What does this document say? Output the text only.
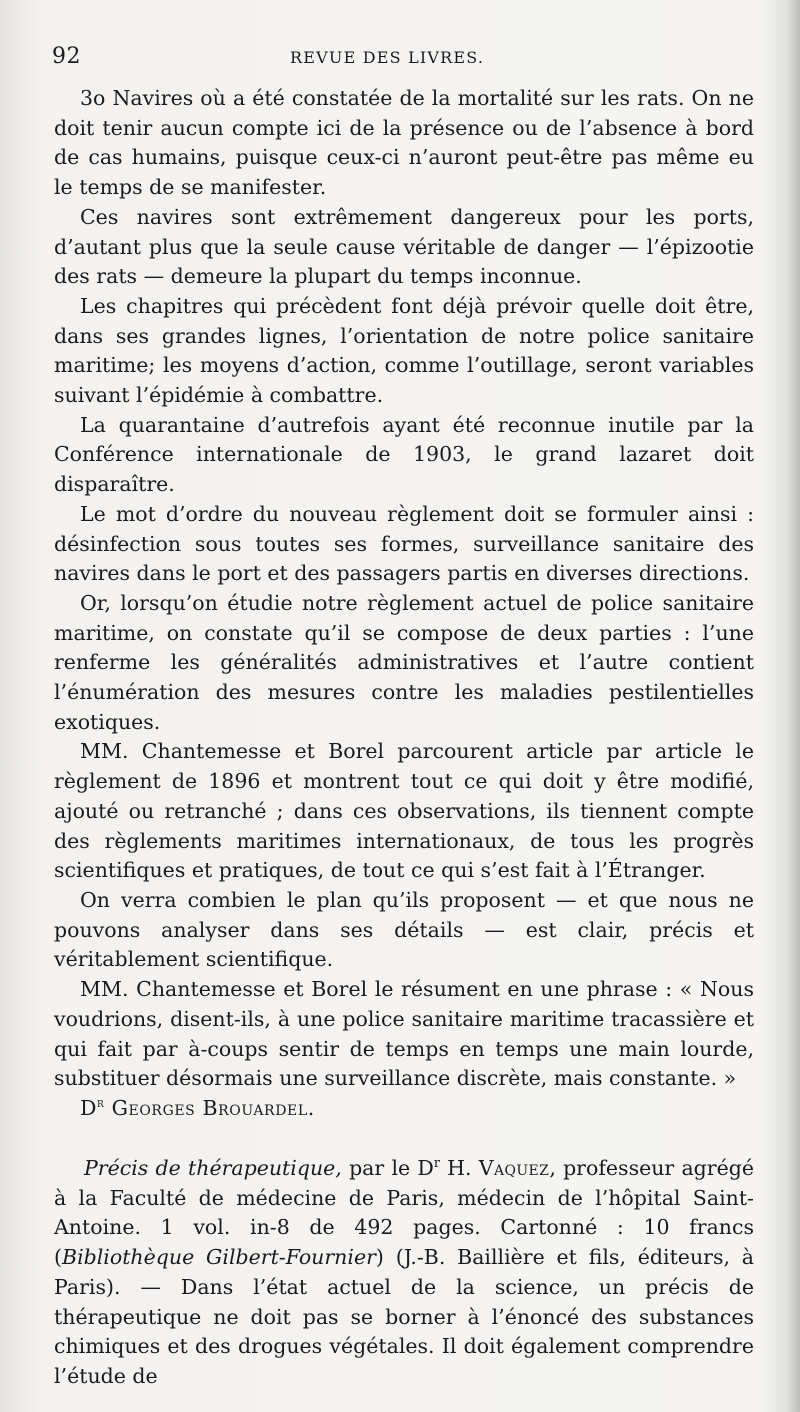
92	REVUE DES LIVRES.

3o Navires où a été constatée de la mortalité sur les rats. On ne doit tenir aucun compte ici de la présence ou de l’absence à bord de cas humains, puisque ceux-ci n’auront peut-être pas même eu le temps de se manifester.

Ces navires sont extrêmement dangereux pour les ports, d’autant plus que la seule cause véritable de danger — l’épizootie des rats — demeure la plupart du temps inconnue.

Les chapitres qui précèdent font déjà prévoir quelle doit être, dans ses grandes lignes, l’orientation de notre police sanitaire maritime; les moyens d’action, comme l’outillage, seront variables suivant l’épidémie à combattre.

La quarantaine d’autrefois ayant été reconnue inutile par la Conférence internationale de 1903, le grand lazaret doit disparaître.

Le mot d’ordre du nouveau règlement doit se formuler ainsi : désinfection sous toutes ses formes, surveillance sanitaire des navires dans le port et des passagers partis en diverses directions.

Or, lorsqu’on étudie notre règlement actuel de police sanitaire maritime, on constate qu’il se compose de deux parties : l’une renferme les généralités administratives et l’autre contient l’énumération des mesures contre les maladies pestilentielles exotiques.

MM. Chantemesse et Borel parcourent article par article le règlement de 1896 et montrent tout ce qui doit y être modifié, ajouté ou retranché ; dans ces observations, ils tiennent compte des règlements maritimes internationaux, de tous les progrès scientifiques et pratiques, de tout ce qui s’est fait à l’Étranger.

On verra combien le plan qu’ils proposent — et que nous ne pouvons analyser dans ses détails — est clair, précis et véritablement scientifique.

MM. Chantemesse et Borel le résument en une phrase : « Nous voudrions, disent-ils, à une police sanitaire maritime tracassière et qui fait par à-coups sentir de temps en temps une main lourde, substituer désormais une surveillance discrète, mais constante. »

$D^r$ Georges Brouardel.

Précis de thérapeutique, par le $D^r$ H. Vaquez, professeur agrégé à la Faculté de médecine de Paris, médecin de l’hôpital Saint-Antoine. 1 vol. in-8 de 492 pages. Cartonné : 10 francs (Bibliothèque Gilbert-Fournier) (J.-B. Baillière et fils, éditeurs, à Paris). — Dans l’état actuel de la science, un précis de thérapeutique ne doit pas se borner à l’énoncé des substances chimiques et des drogues végétales. Il doit également comprendre l’étude de
